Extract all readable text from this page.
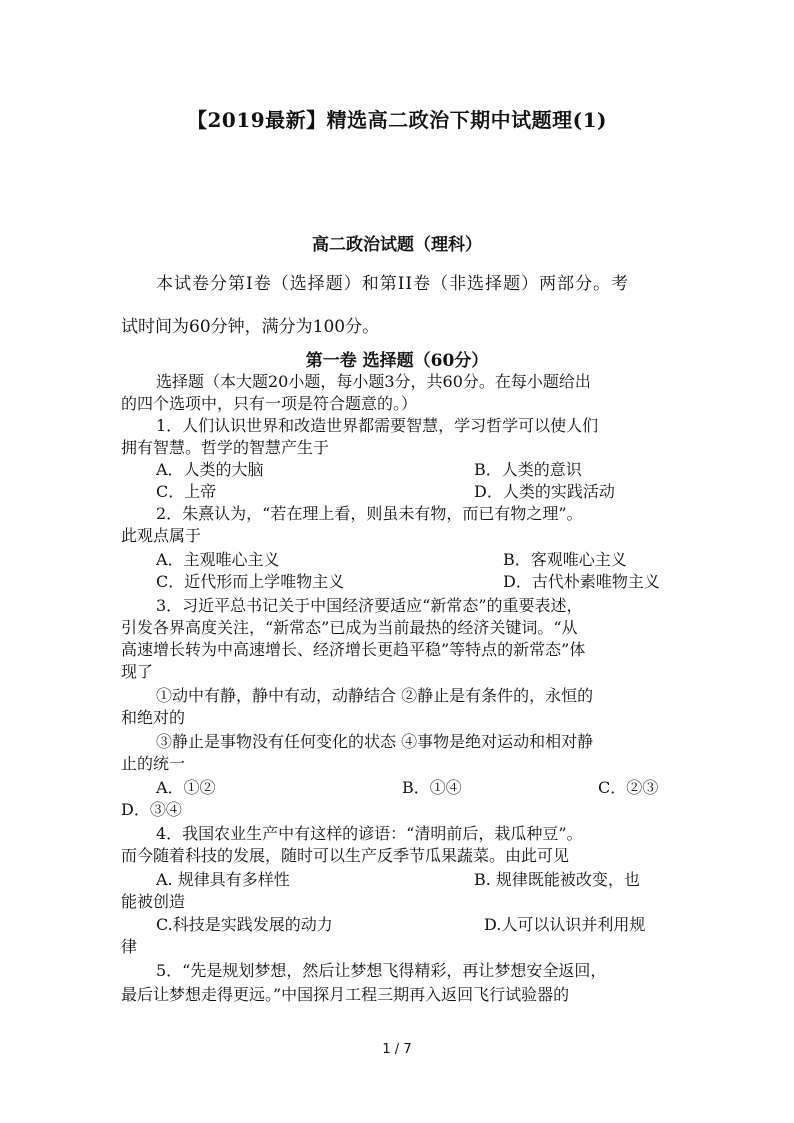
【2019最新】精选高二政治下期中试题理(1)
高二政治试题（理科）
本试卷分第I卷（选择题）和第II卷（非选择题）两部分。考
试时间为60分钟，满分为100分。
第一卷 选择题（60分）
选择题（本大题20小题，每小题3分，共60分。在每小题给出
的四个选项中，只有一项是符合题意的。）
1．人们认识世界和改造世界都需要智慧，学习哲学可以使人们
拥有智慧。哲学的智慧产生于
A．人类的大脑	B．人类的意识
C．上帝	D．人类的实践活动
2．朱熹认为，“若在理上看，则虽未有物，而已有物之理”。
此观点属于
A．主观唯心主义	B．客观唯心主义
C．近代形而上学唯物主义	D．古代朴素唯物主义
3．习近平总书记关于中国经济要适应“新常态”的重要表述，
引发各界高度关注，“新常态”已成为当前最热的经济关键词。“从
高速增长转为中高速增长、经济增长更趋平稳”等特点的新常态”体
现了
①动中有静，静中有动，动静结合 ②静止是有条件的，永恒的
和绝对的
③静止是事物没有任何变化的状态 ④事物是绝对运动和相对静
止的统一
A．①②	B．①④	C．②③
D．③④
4．我国农业生产中有这样的谚语：“清明前后，栽瓜种豆”。
而今随着科技的发展，随时可以生产反季节瓜果蔬菜。由此可见
A. 规律具有多样性	B. 规律既能被改变，也
能被创造
C.科技是实践发展的动力	D.人可以认识并利用规
律
5．“先是规划梦想，然后让梦想飞得精彩，再让梦想安全返回，
最后让梦想走得更远。”中国探月工程三期再入返回飞行试验器的
1 / 7
